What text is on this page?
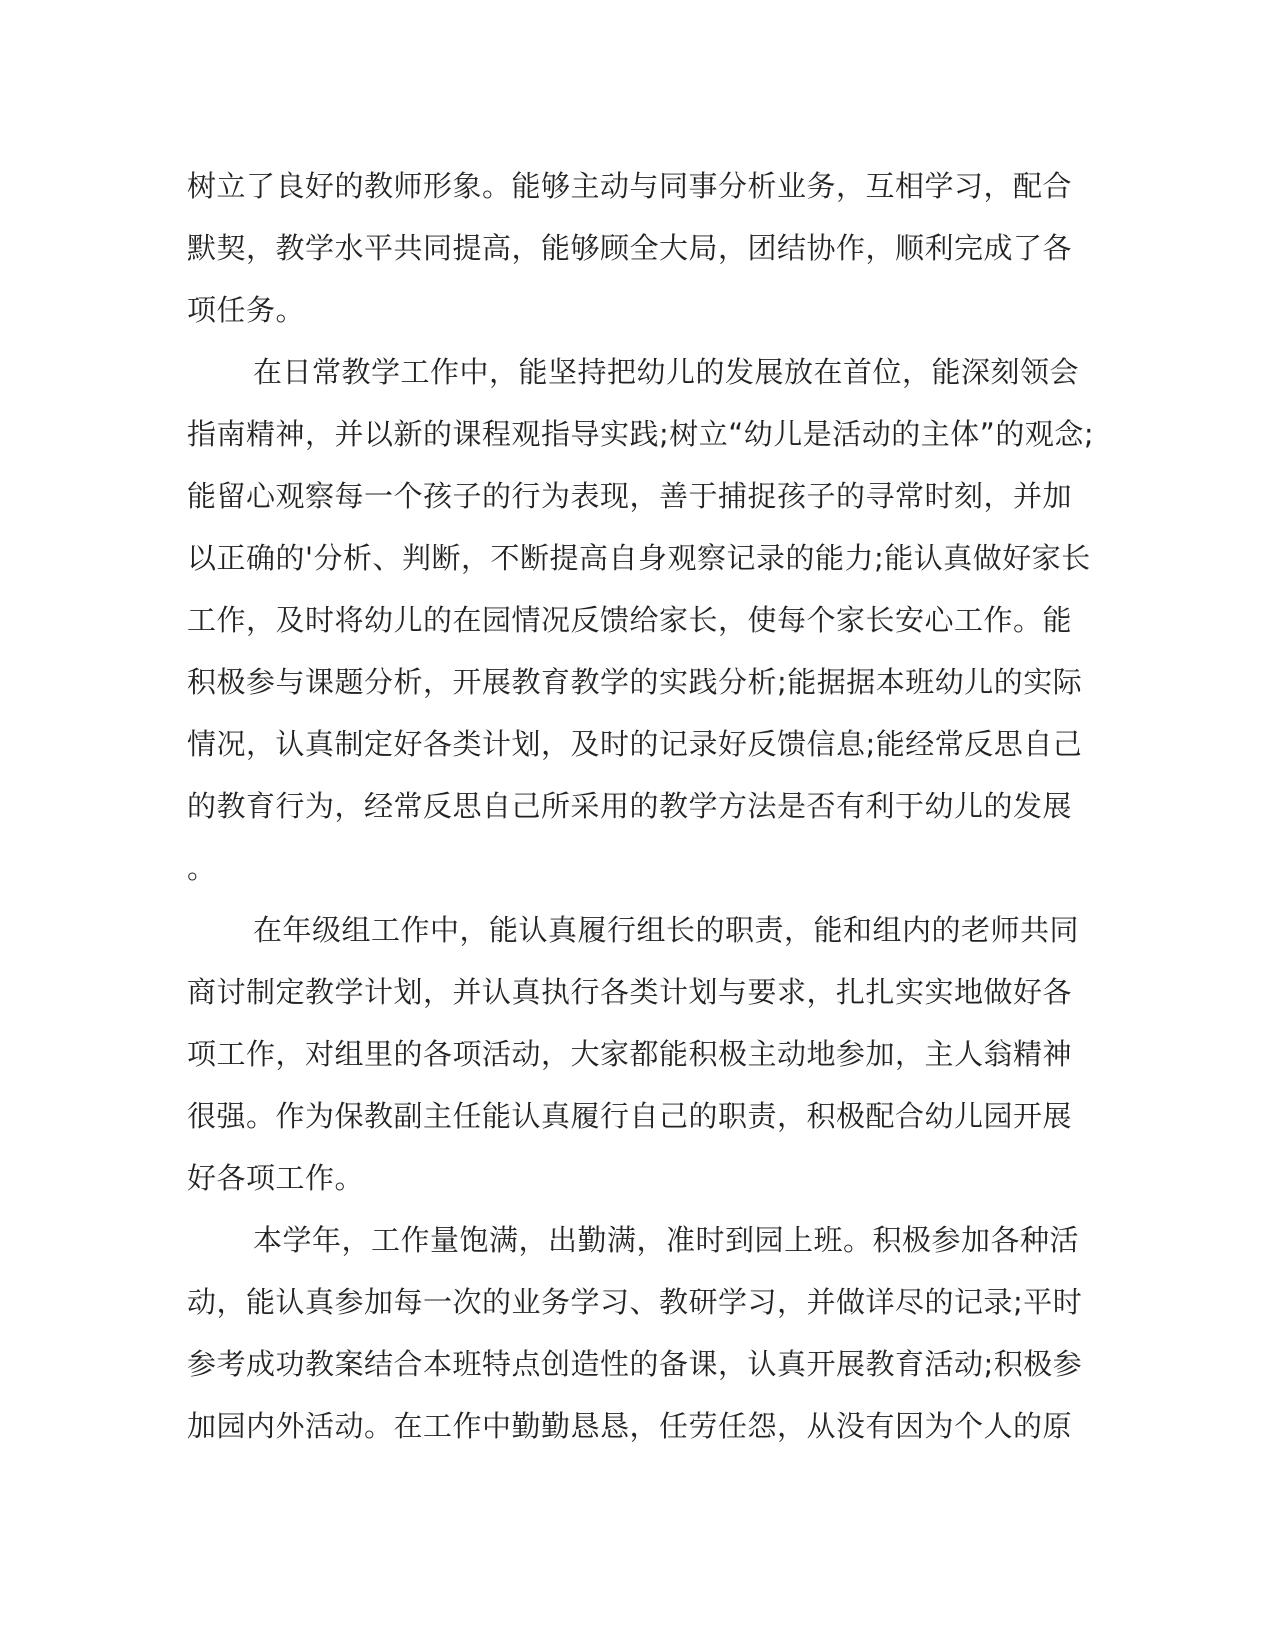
树立了良好的教师形象。能够主动与同事分析业务，互相学习，配合
默契，教学水平共同提高，能够顾全大局，团结协作，顺利完成了各
项任务。
在日常教学工作中，能坚持把幼儿的发展放在首位，能深刻领会
指南精神，并以新的课程观指导实践;树立“幼儿是活动的主体”的观念;
能留心观察每一个孩子的行为表现，善于捕捉孩子的寻常时刻，并加
以正确的'分析、判断，不断提高自身观察记录的能力;能认真做好家长
工作，及时将幼儿的在园情况反馈给家长，使每个家长安心工作。能
积极参与课题分析，开展教育教学的实践分析;能据据本班幼儿的实际
情况，认真制定好各类计划，及时的记录好反馈信息;能经常反思自己
的教育行为，经常反思自己所采用的教学方法是否有利于幼儿的发展
。
在年级组工作中，能认真履行组长的职责，能和组内的老师共同
商讨制定教学计划，并认真执行各类计划与要求，扎扎实实地做好各
项工作，对组里的各项活动，大家都能积极主动地参加，主人翁精神
很强。作为保教副主任能认真履行自己的职责，积极配合幼儿园开展
好各项工作。
本学年，工作量饱满，出勤满，准时到园上班。积极参加各种活
动，能认真参加每一次的业务学习、教研学习，并做详尽的记录;平时
参考成功教案结合本班特点创造性的备课，认真开展教育活动;积极参
加园内外活动。在工作中勤勤恳恳，任劳任怨，从没有因为个人的原
